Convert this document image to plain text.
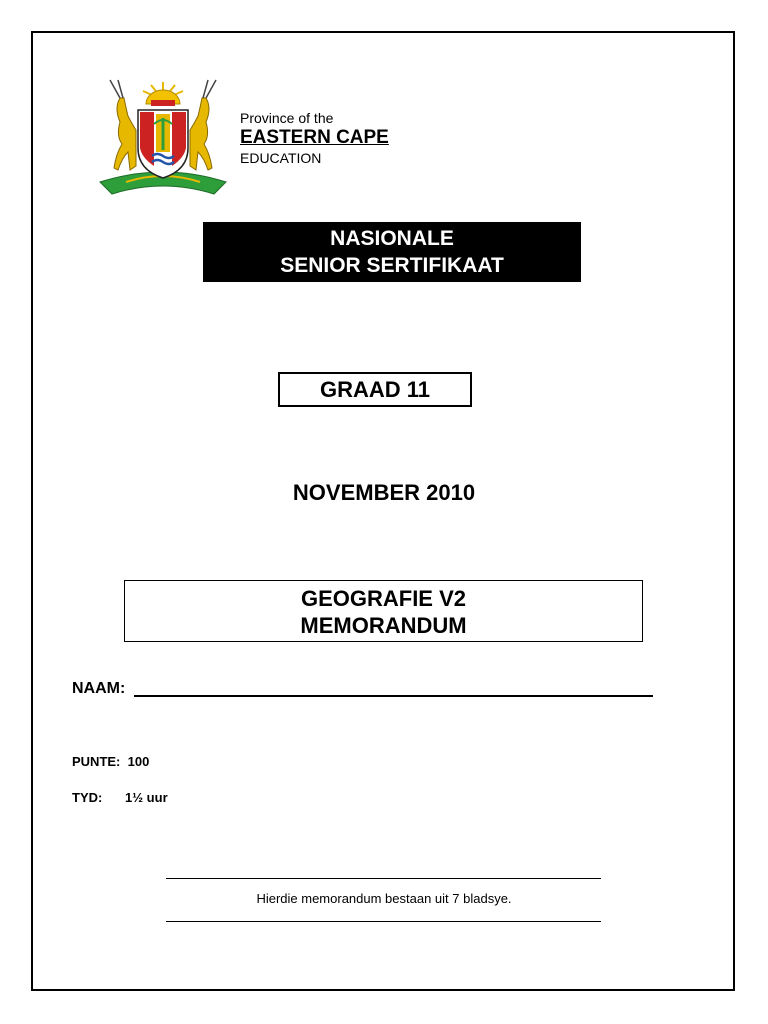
Province of the
EASTERN CAPE
EDUCATION
NASIONALE
SENIOR SERTIFIKAAT
GRAAD 11
NOVEMBER 2010
GEOGRAFIE V2
MEMORANDUM
NAAM:
PUNTE:  100
TYD: 1½ uur
Hierdie memorandum bestaan uit 7 bladsye.
